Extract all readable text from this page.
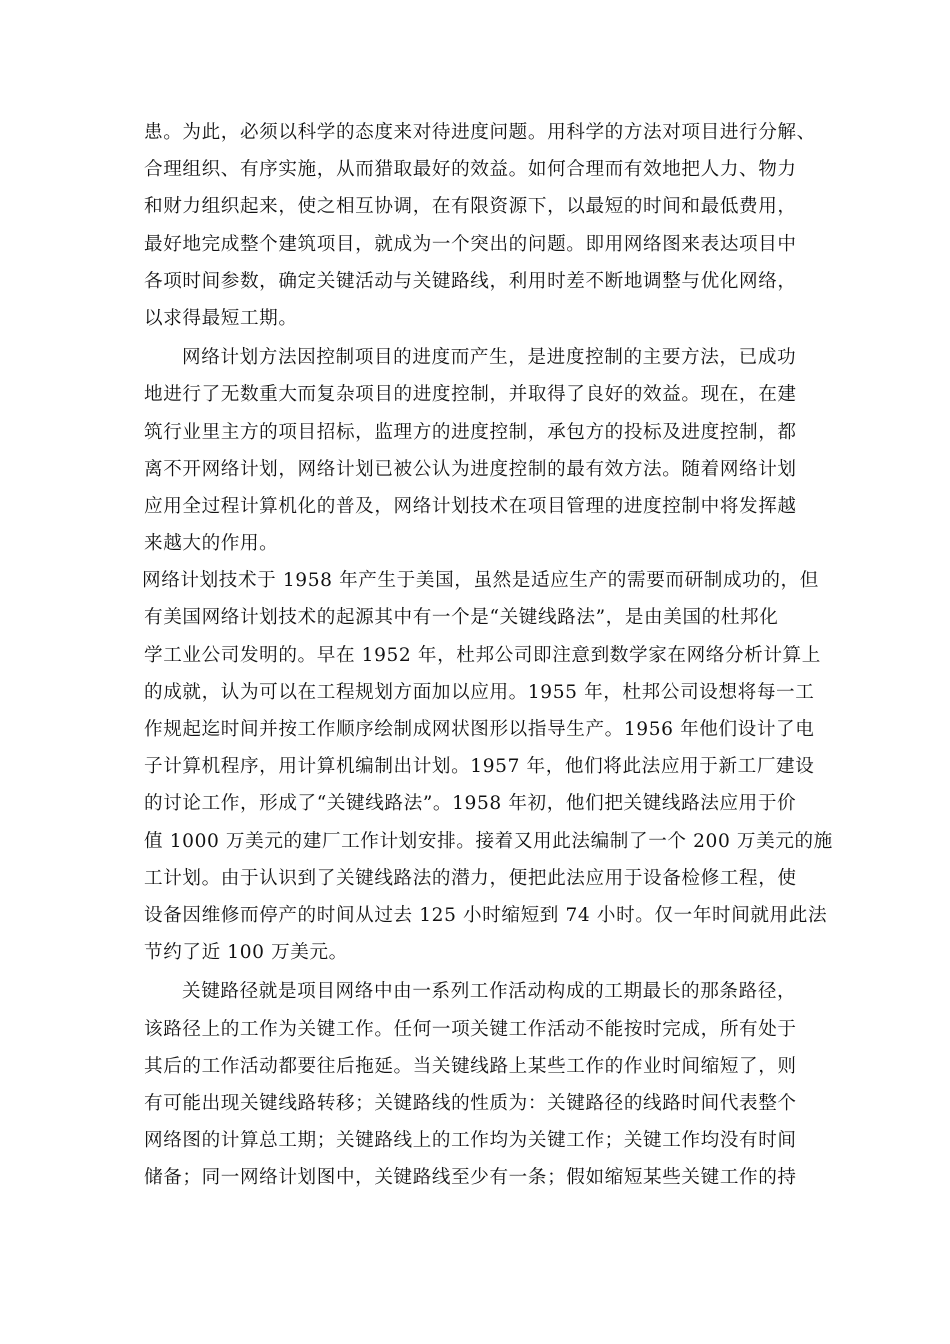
患。为此，必须以科学的态度来对待进度问题。用科学的方法对项目进行分解、
合理组织、有序实施，从而猎取最好的效益。如何合理而有效地把人力、物力
和财力组织起来，使之相互协调，在有限资源下，以最短的时间和最低费用，
最好地完成整个建筑项目，就成为一个突出的问题。即用网络图来表达项目中
各项时间参数，确定关键活动与关键路线，利用时差不断地调整与优化网络，
以求得最短工期。
网络计划方法因控制项目的进度而产生，是进度控制的主要方法，已成功
地进行了无数重大而复杂项目的进度控制，并取得了良好的效益。现在，在建
筑行业里主方的项目招标，监理方的进度控制，承包方的投标及进度控制，都
离不开网络计划，网络计划已被公认为进度控制的最有效方法。随着网络计划
应用全过程计算机化的普及，网络计划技术在项目管理的进度控制中将发挥越
来越大的作用。
网络计划技术于 1958 年产生于美国，虽然是适应生产的需要而研制成功的，但
有美国网络计划技术的起源其中有一个是“关键线路法”，是由美国的杜邦化
学工业公司发明的。早在 1952 年，杜邦公司即注意到数学家在网络分析计算上
的成就，认为可以在工程规划方面加以应用。1955 年，杜邦公司设想将每一工
作规起迄时间并按工作顺序绘制成网状图形以指导生产。1956 年他们设计了电
子计算机程序，用计算机编制出计划。1957 年，他们将此法应用于新工厂建设
的讨论工作，形成了“关键线路法”。1958 年初，他们把关键线路法应用于价
值 1000 万美元的建厂工作计划安排。接着又用此法编制了一个 200 万美元的施
工计划。由于认识到了关键线路法的潜力，便把此法应用于设备检修工程，使
设备因维修而停产的时间从过去 125 小时缩短到 74 小时。仅一年时间就用此法
节约了近 100 万美元。
关键路径就是项目网络中由一系列工作活动构成的工期最长的那条路径，
该路径上的工作为关键工作。任何一项关键工作活动不能按时完成，所有处于
其后的工作活动都要往后拖延。当关键线路上某些工作的作业时间缩短了，则
有可能出现关键线路转移；关键路线的性质为：关键路径的线路时间代表整个
网络图的计算总工期；关键路线上的工作均为关键工作；关键工作均没有时间
储备；同一网络计划图中，关键路线至少有一条；假如缩短某些关键工作的持
